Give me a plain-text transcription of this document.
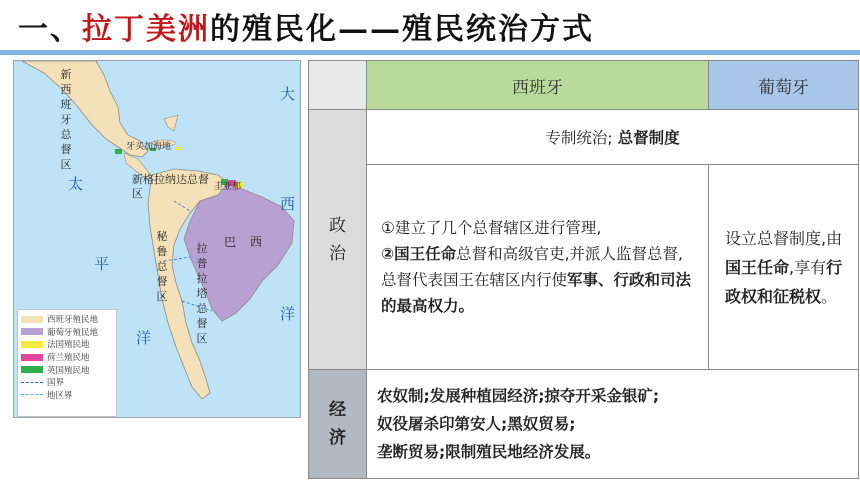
一、拉丁美洲的殖民化——殖民统治方式
大
西
洋
太
平
洋
新西班牙总督区
牙买加海地
新格拉纳达总督区	圭亚那
秘鲁总督区
拉普拉塔总督区
巴西
西班牙殖民地
葡萄牙殖民地
法国殖民地
荷兰殖民地
英国殖民地
国界
地区界
西班牙	葡萄牙
政治
专制统治;
总督制度
①建立了几个总督辖区进行管理,
②国王任命总督和高级官吏,并派人监督总督,总督代表国王在辖区内行使军事、行政和司法的最高权力。
设立总督制度,由国王任命,享有行政权和征税权。
经济
农奴制;发展种植园经济;掠夺开采金银矿;
奴役屠杀印第安人;黑奴贸易;
垄断贸易;限制殖民地经济发展。
